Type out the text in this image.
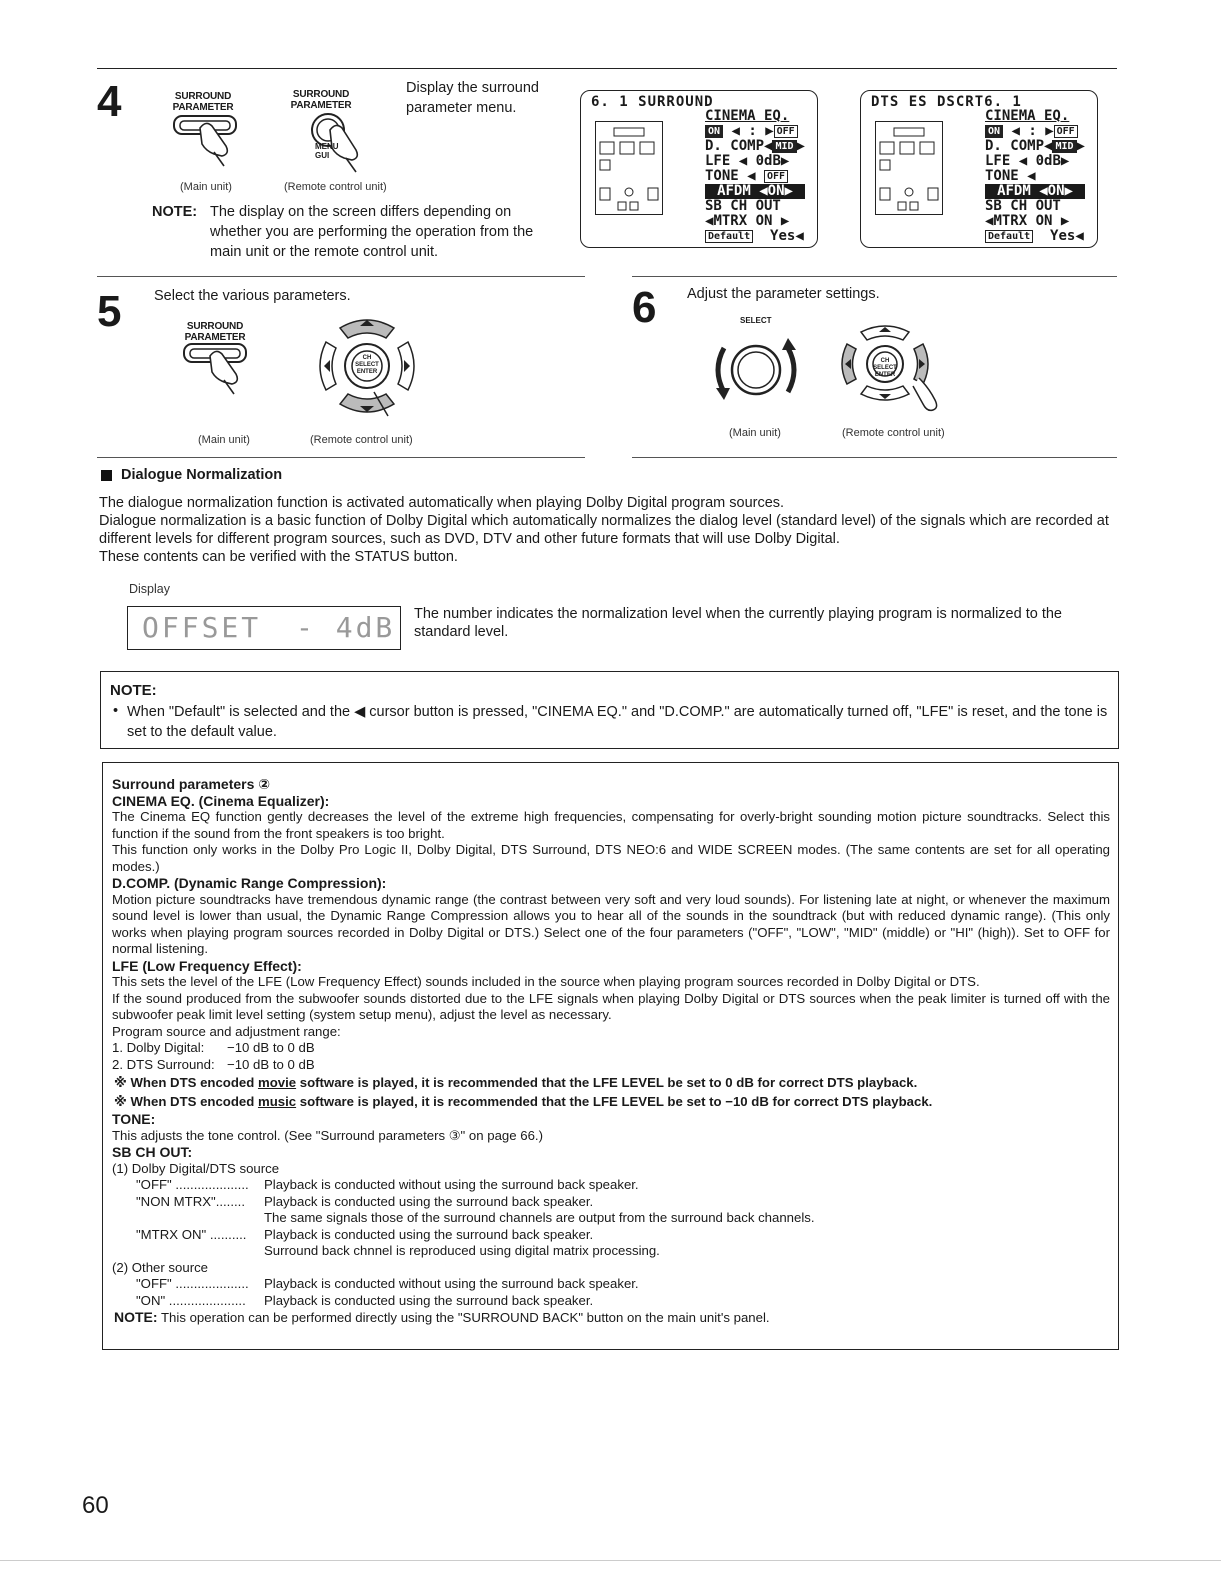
4	SURROUND PARAMETER
SURROUND PARAMETER
MENU GUI
Display the surround parameter menu.
(Main unit)	(Remote control unit)
NOTE: The display on the screen differs depending on whether you are performing the operation from the main unit or the remote control unit.
6. 1 SURROUND
CINEMA EQ.
ON ◀ : ▶ OFF
D. COMP◀ MID ▶
LFE ◀ 0dB▶
TONE ◀ OFF
AFDM ◀ON▶
SB CH OUT
◀MTRX ON ▶
Default Yes◀
DTS ES DSCRT6. 1
CINEMA EQ.
ON ◀ : ▶ OFF
D. COMP◀ MID ▶
LFE ◀ 0dB▶
TONE ◀
AFDM ◀ON▶
SB CH OUT
◀MTRX ON ▶
Default Yes◀
5 Select the various parameters.
SURROUND PARAMETER
CH SELECT ENTER
(Main unit)	(Remote control unit)
6 Adjust the parameter settings.
SELECT
CH SELECT ENTER
(Main unit)	(Remote control unit)
Dialogue Normalization
The dialogue normalization function is activated automatically when playing Dolby Digital program sources.
Dialogue normalization is a basic function of Dolby Digital which automatically normalizes the dialog level (standard level) of the signals which are recorded at different levels for different program sources, such as DVD, DTV and other future formats that will use Dolby Digital.
These contents can be verified with the STATUS button.
Display
OFFSET - 4dB The number indicates the normalization level when the currently playing program is normalized to the standard level.
NOTE:
• When "Default" is selected and the ◀ cursor button is pressed, "CINEMA EQ." and "D.COMP." are automatically turned off, "LFE" is reset, and the tone is set to the default value.
Surround parameters ②
CINEMA EQ. (Cinema Equalizer):
The Cinema EQ function gently decreases the level of the extreme high frequencies, compensating for overly-bright sounding motion picture soundtracks. Select this function if the sound from the front speakers is too bright.
This function only works in the Dolby Pro Logic II, Dolby Digital, DTS Surround, DTS NEO:6 and WIDE SCREEN modes. (The same contents are set for all operating modes.)
D.COMP. (Dynamic Range Compression):
Motion picture soundtracks have tremendous dynamic range (the contrast between very soft and very loud sounds). For listening late at night, or whenever the maximum sound level is lower than usual, the Dynamic Range Compression allows you to hear all of the sounds in the soundtrack (but with reduced dynamic range). (This only works when playing program sources recorded in Dolby Digital or DTS.) Select one of the four parameters ("OFF", "LOW", "MID" (middle) or "HI" (high)). Set to OFF for normal listening.
LFE (Low Frequency Effect):
This sets the level of the LFE (Low Frequency Effect) sounds included in the source when playing program sources recorded in Dolby Digital or DTS.
If the sound produced from the subwoofer sounds distorted due to the LFE signals when playing Dolby Digital or DTS sources when the peak limiter is turned off with the subwoofer peak limit level setting (system setup menu), adjust the level as necessary.
Program source and adjustment range:
1. Dolby Digital: −10 dB to 0 dB
2. DTS Surround: −10 dB to 0 dB
※ When DTS encoded movie software is played, it is recommended that the LFE LEVEL be set to 0 dB for correct DTS playback.
※ When DTS encoded music software is played, it is recommended that the LFE LEVEL be set to −10 dB for correct DTS playback.
TONE:
This adjusts the tone control. (See "Surround parameters ③" on page 66.)
SB CH OUT:
(1) Dolby Digital/DTS source
"OFF" .................... Playback is conducted without using the surround back speaker.
"NON MTRX"........ Playback is conducted using the surround back speaker.
The same signals those of the surround channels are output from the surround back channels.
"MTRX ON" .......... Playback is conducted using the surround back speaker.
Surround back chnnel is reproduced using digital matrix processing.
(2) Other source
"OFF" .................... Playback is conducted without using the surround back speaker.
"ON" ..................... Playback is conducted using the surround back speaker.
NOTE: This operation can be performed directly using the "SURROUND BACK" button on the main unit's panel.
60
